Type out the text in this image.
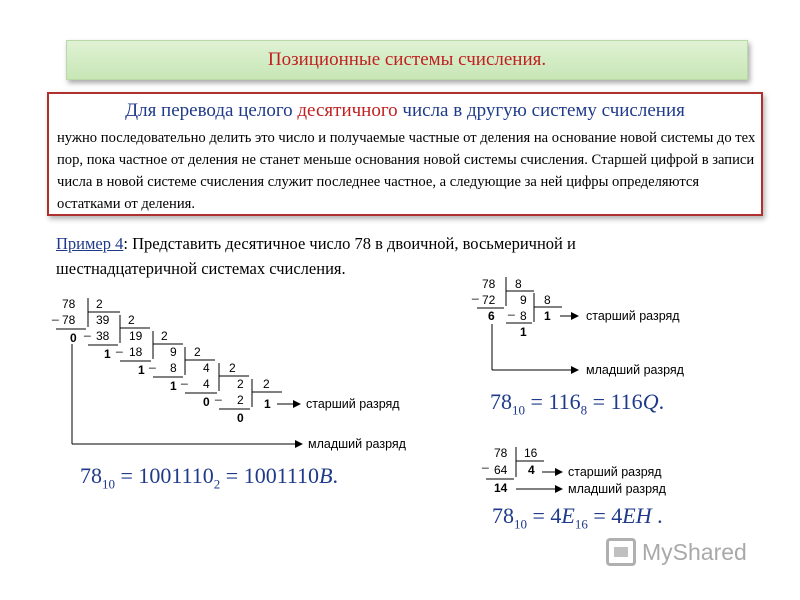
Позиционные системы счисления.
Для перевода целого десятичного числа в другую систему счисления
нужно последовательно делить это число и получаемые частные от деления на основание новой системы до тех пор, пока частное от деления не станет меньше основания новой системы счисления. Старшей цифрой в записи числа в новой системе счисления служит последнее частное, а следующие за ней цифры определяются остатками от деления.
Пример 4: Представить десятичное число 78 в двоичной, восьмеричной и шестнадцатеричной системах счисления.
_
78
78
0
2
_
39
38
1
2
_
19
18
1
2
_
9
8
1
2
_
4
4
0
2
_
2
2
0
2
1	старший разряд
младший разряд
_
78 8
72 9 8
6 _ 8 1
1
старший разряд
младший разряд
_
78 16
64 4
14
старший разряд
младший разряд
$78_{10} = 1001110_2 = 1001110B$.
$78_{10} = 116_8 = 116Q$.
$78_{10} = 4E_{16} = 4EH$ .
MyShared
